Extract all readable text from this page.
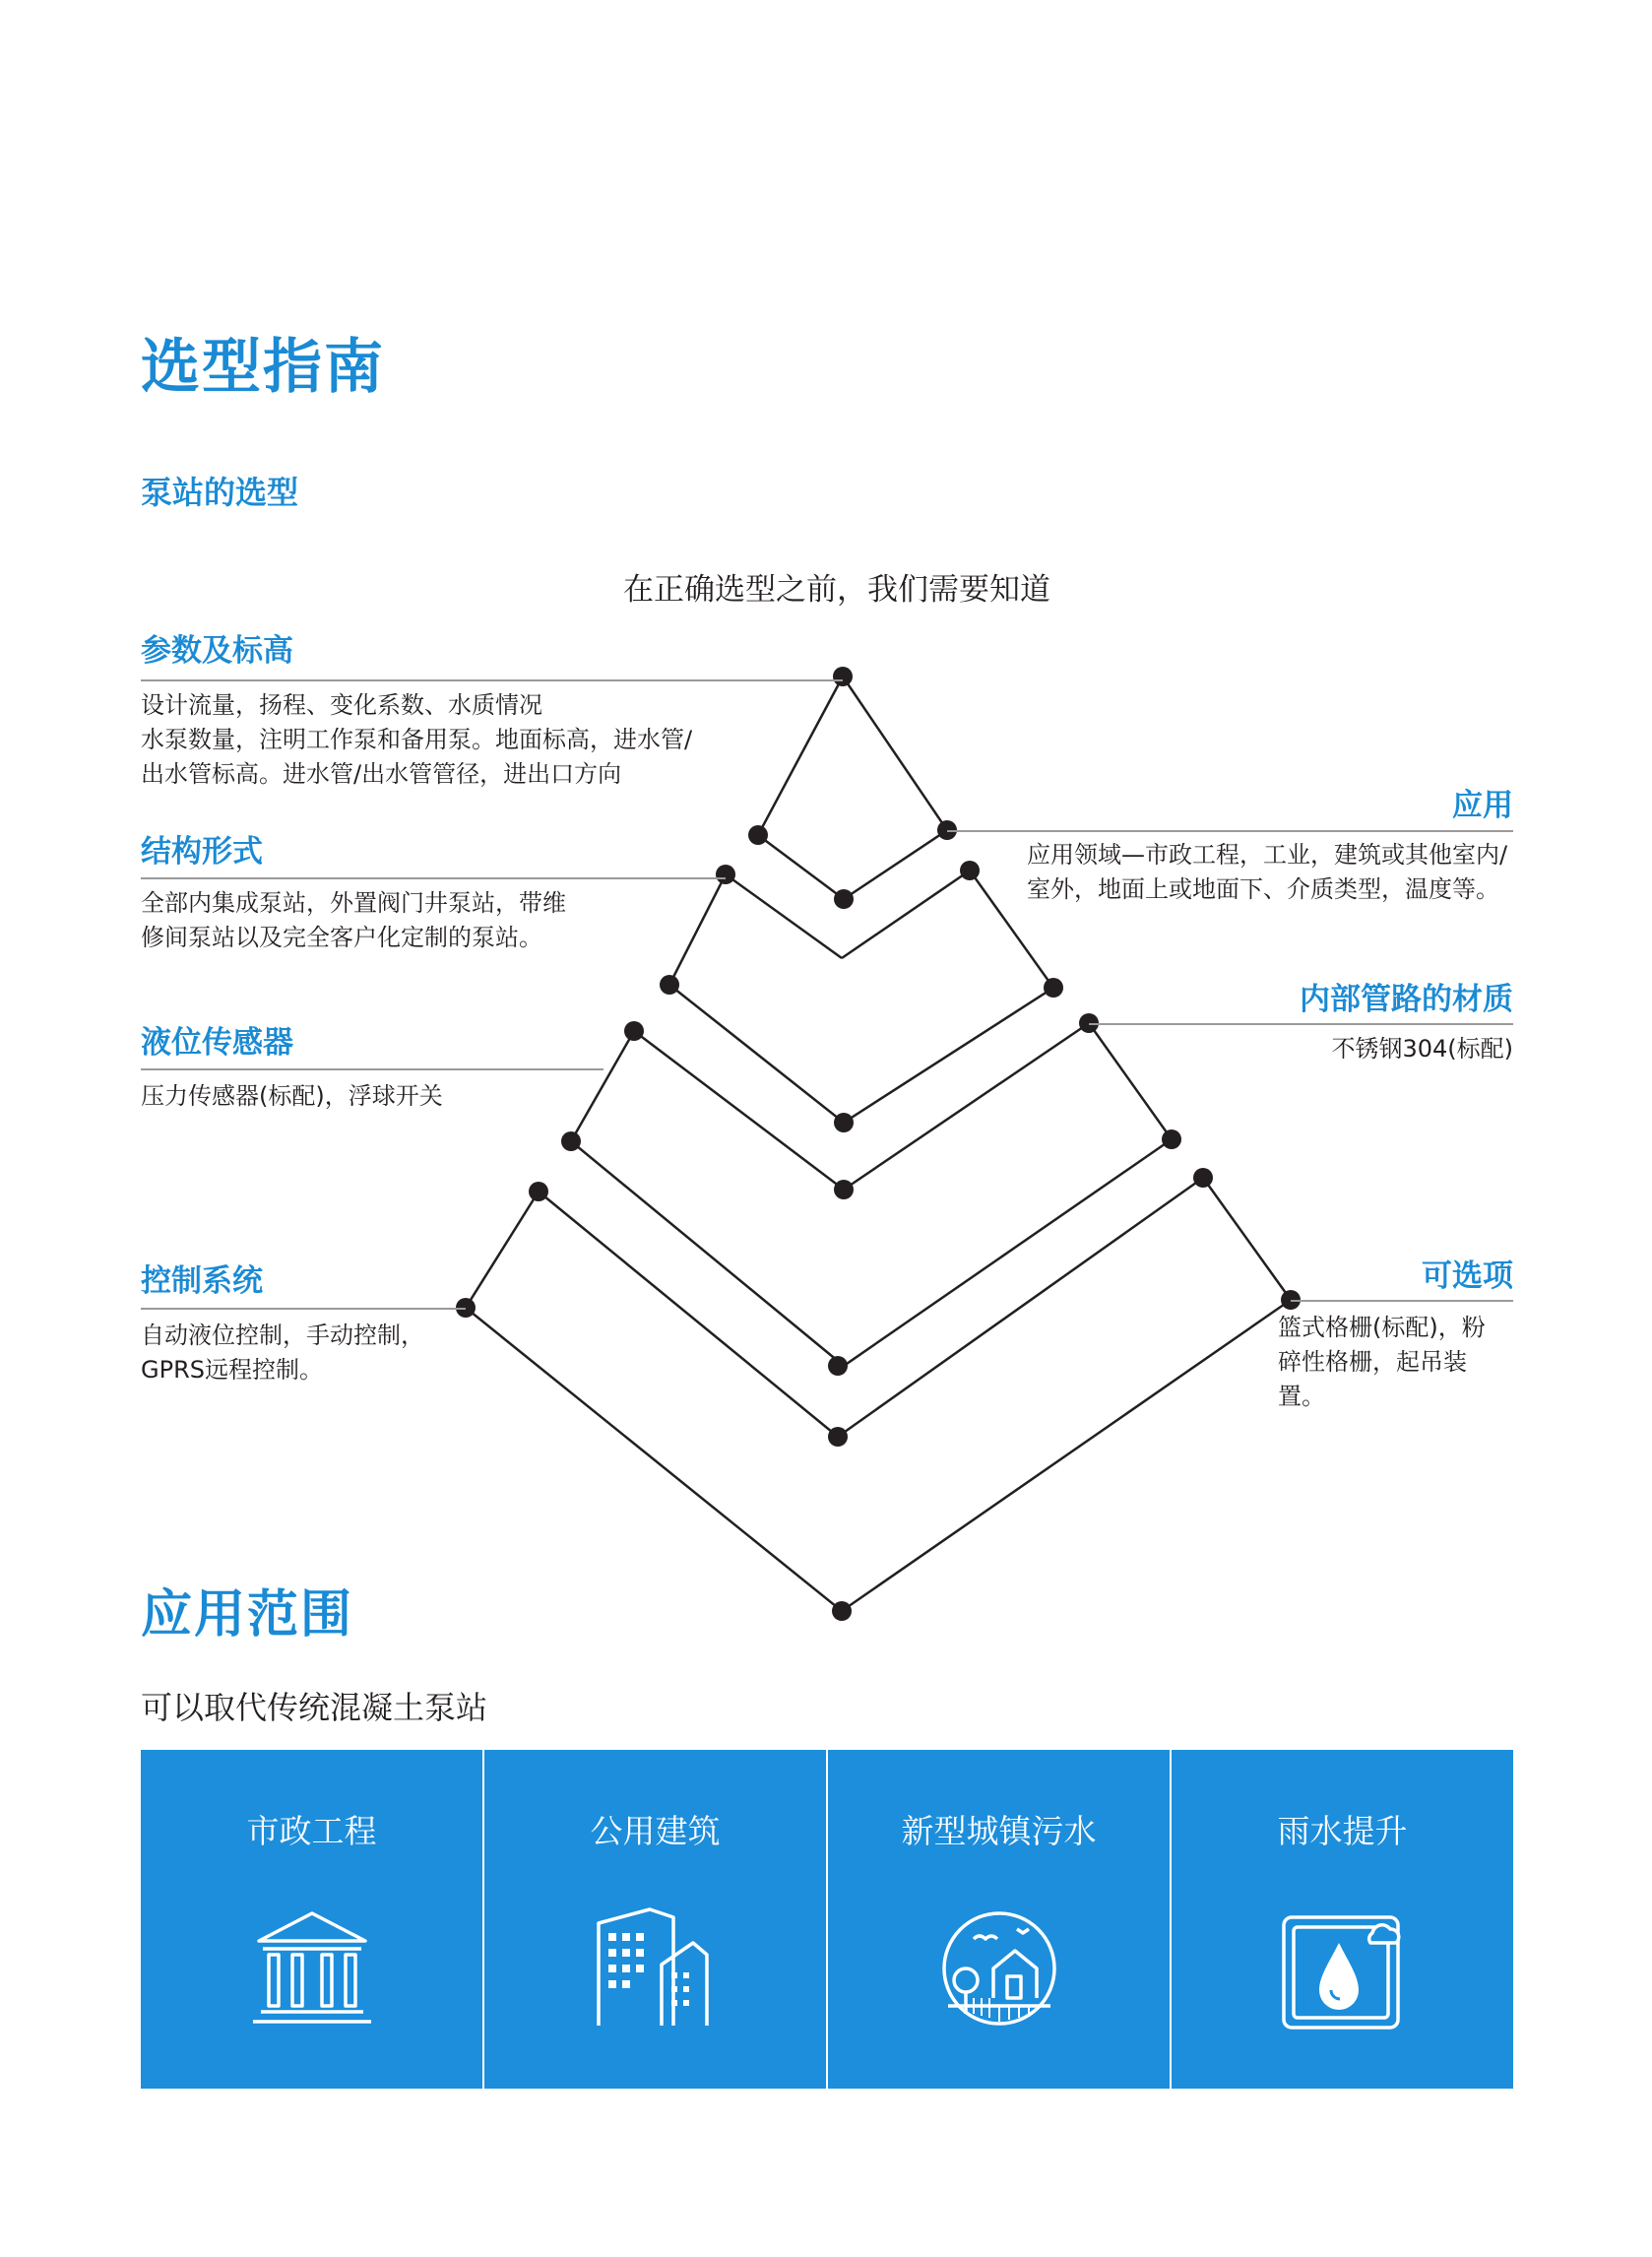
选型指南
泵站的选型
在正确选型之前，我们需要知道
参数及标高

设计流量，扬程、变化系数、水质情况

水泵数量，注明工作泵和备用泵。地面标高，进水管/

出水管标高。进水管/出水管管径，进出口方向

结构形式

全部内集成泵站，外置阀门井泵站，带维

修间泵站以及完全客户化定制的泵站。

液位传感器

压力传感器(标配)，浮球开关

控制系统

自动液位控制，手动控制，

GPRS远程控制。

应用

应用领域—市政工程，工业，建筑或其他室内/

室外，地面上或地面下、介质类型，温度等。

内部管路的材质

不锈钢304(标配)

可选项

篮式格栅(标配)，粉

碎性格栅，起吊装

置。

应用范围
可以取代传统混凝土泵站
市政工程	公用建筑	新型城镇污水	雨水提升
